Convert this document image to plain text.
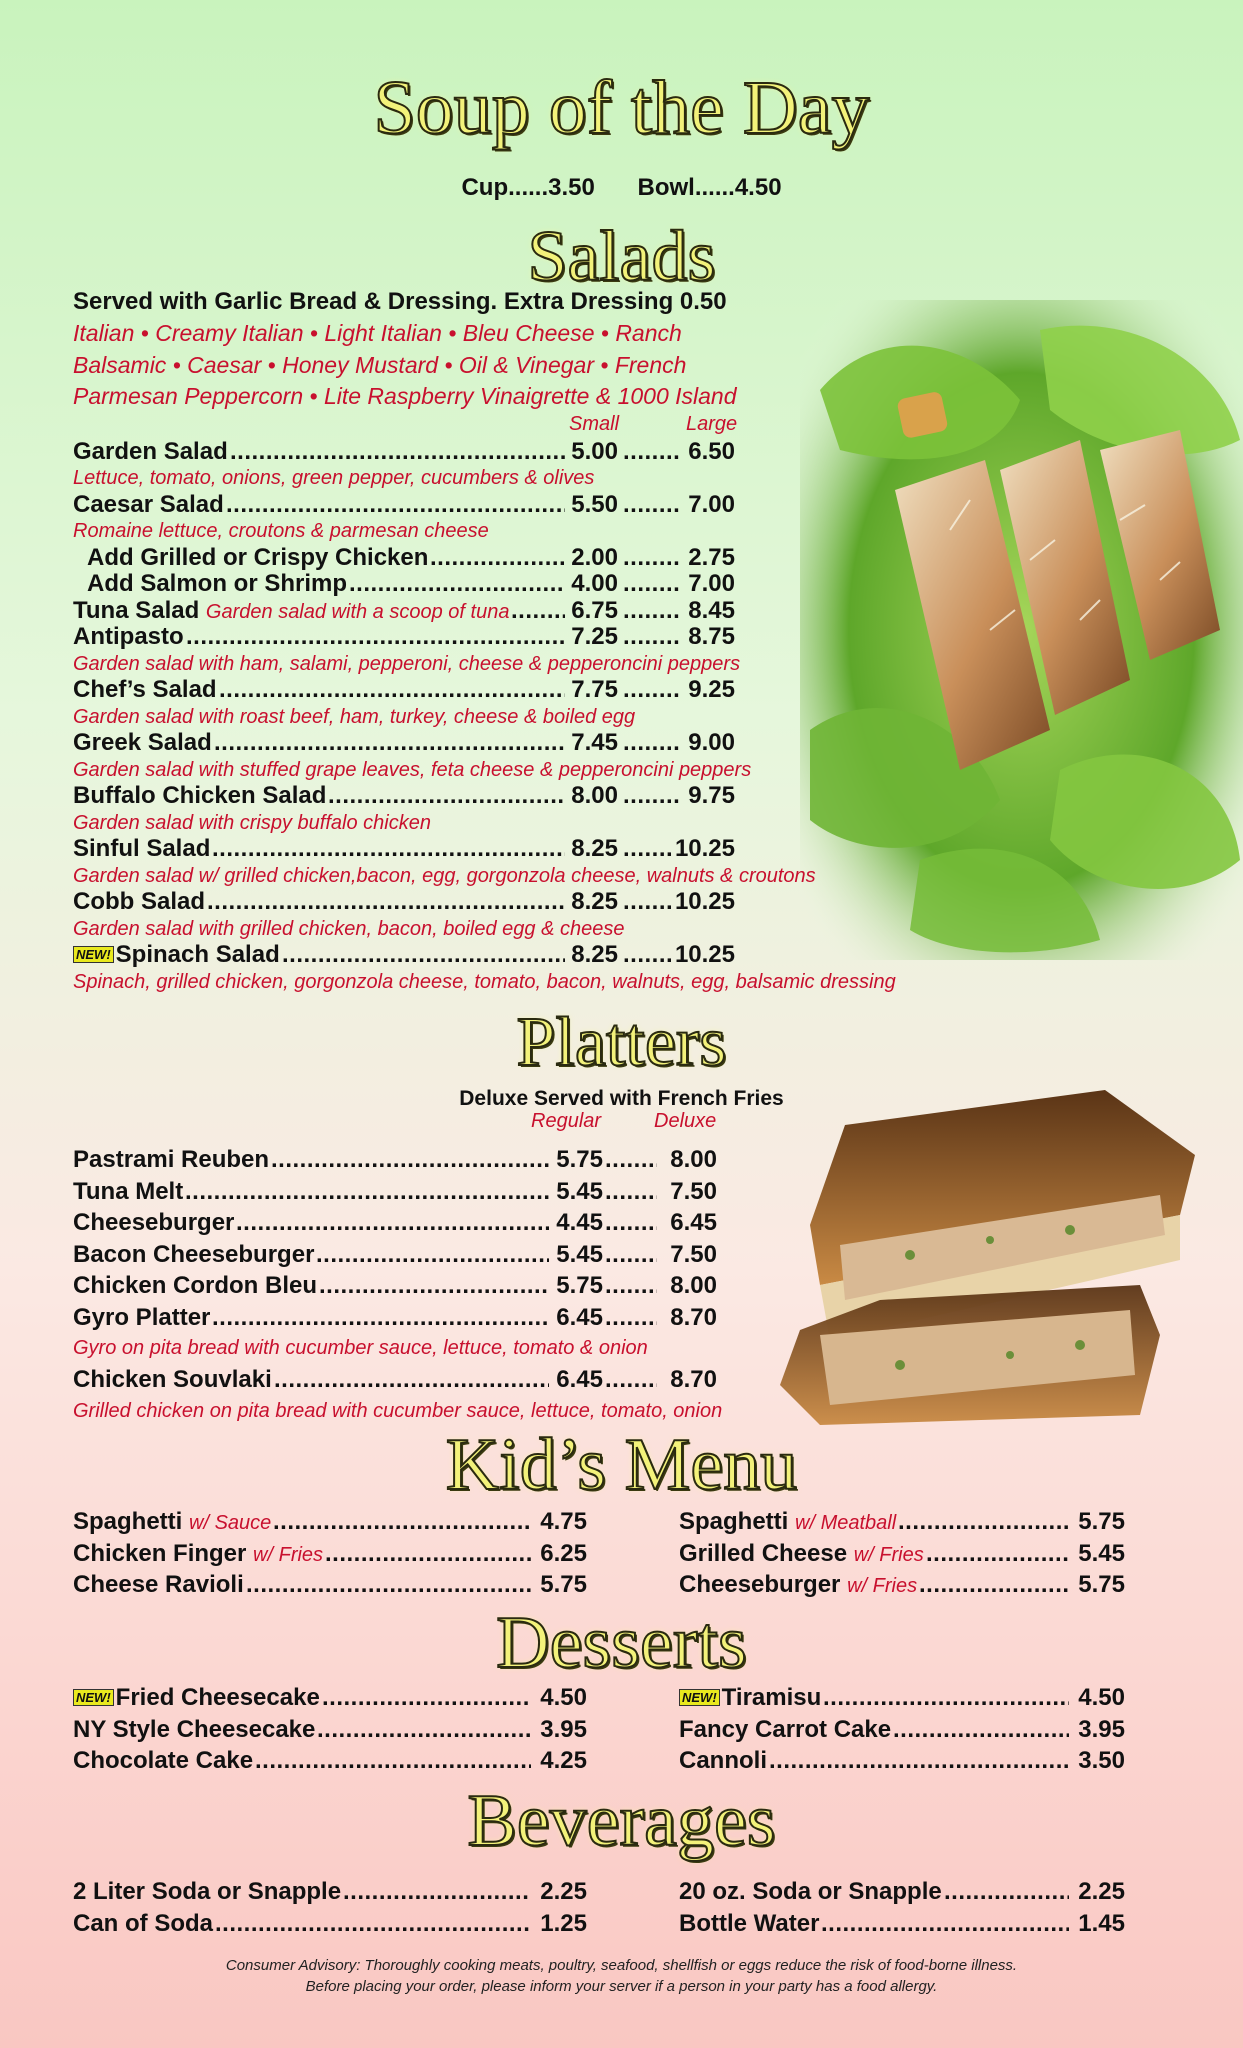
Soup of the Day
Cup......3.50 Bowl......4.50
Salads
Served with Garlic Bread & Dressing. Extra Dressing 0.50
Italian • Creamy Italian • Light Italian • Bleu Cheese • Ranch
Balsamic • Caesar • Honey Mustard • Oil & Vinegar • French
Parmesan Peppercorn • Lite Raspberry Vinaigrette & 1000 Island
Small	Large
Garden Salad .....	5.00	6.50
.....
Lettuce, tomato, onions, green pepper, cucumbers & olives
Caesar Salad .....	5.50	7.00
.....
Romaine lettuce, croutons & parmesan cheese
Add Grilled or Crispy Chicken .....	2.00	2.75
.....
Add Salmon or Shrimp .....	4.00	7.00
.....
Tuna Salad Garden salad with a scoop of tuna .....	6.75	8.45
.....
Antipasto .....	7.25	8.75
.....
Garden salad with ham, salami, pepperoni, cheese & pepperoncini peppers
Chef’s Salad .....	7.75	9.25
.....
Garden salad with roast beef, ham, turkey, cheese & boiled egg
Greek Salad .....	7.45	9.00
.....
Garden salad with stuffed grape leaves, feta cheese & pepperoncini peppers
Buffalo Chicken Salad .....	8.00	9.75
.....
Garden salad with crispy buffalo chicken
Sinful Salad .....	8.25	10.25
.....
Garden salad w/ grilled chicken,bacon, egg, gorgonzola cheese, walnuts & croutons
Cobb Salad .....	8.25	10.25
.....
Garden salad with grilled chicken, bacon, boiled egg & cheese
NEW! Spinach Salad .....	8.25	10.25
.....
Spinach, grilled chicken, gorgonzola cheese, tomato, bacon, walnuts, egg, balsamic dressing
Platters
Deluxe Served with French Fries
Regular	Deluxe
Pastrami Reuben .....	5.75	8.00
.....
Tuna Melt .....	5.45	7.50
.....
Cheeseburger .....	4.45	6.45
.....
Bacon Cheeseburger .....	5.45	7.50
.....
Chicken Cordon Bleu .....	5.75	8.00
.....
Gyro Platter .....	6.45	8.70
.....
Gyro on pita bread with cucumber sauce, lettuce, tomato & onion
Chicken Souvlaki .....	6.45	8.70
.....
Grilled chicken on pita bread with cucumber sauce, lettuce, tomato, onion
Kid’s Menu
Spaghetti w/ Sauce .....	4.75
Chicken Finger w/ Fries .....	6.25
Cheese Ravioli .....	5.75
Spaghetti w/ Meatball .....	5.75
Grilled Cheese w/ Fries .....	5.45
Cheeseburger w/ Fries .....	5.75
Desserts
NEW! Fried Cheesecake .....	4.50
NY Style Cheesecake .....	3.95
Chocolate Cake .....	4.25
NEW! Tiramisu .....	4.50
Fancy Carrot Cake .....	3.95
Cannoli .....	3.50
Beverages
2 Liter Soda or Snapple .....	2.25
Can of Soda .....	1.25
20 oz. Soda or Snapple .....	2.25
Bottle Water .....	1.45
Consumer Advisory: Thoroughly cooking meats, poultry, seafood, shellfish or eggs reduce the risk of food-borne illness.
Before placing your order, please inform your server if a person in your party has a food allergy.
